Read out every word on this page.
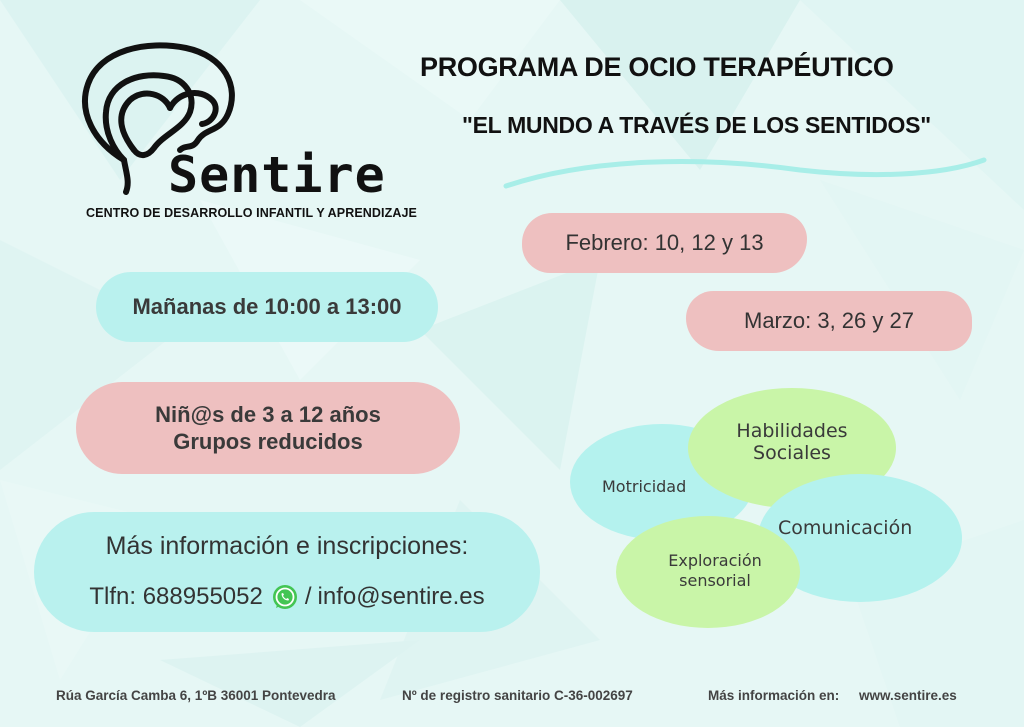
Sentire
CENTRO DE DESARROLLO INFANTIL Y APRENDIZAJE
PROGRAMA DE OCIO TERAPÉUTICO
"EL MUNDO A TRAVÉS DE LOS SENTIDOS"
Febrero: 10, 12 y 13
Marzo: 3, 26 y 27
Mañanas de 10:00 a 13:00
Niñ@s de 3 a 12 años
Grupos reducidos
Más información e inscripciones:
Tlfn: 688955052 / info@sentire.es
Motricidad
Habilidades
Sociales
Comunicación
Exploración
sensorial
Rúa García Camba 6, 1ºB 36001 Pontevedra	Nº de registro sanitario C-36-002697	Más información en: www.sentire.es
